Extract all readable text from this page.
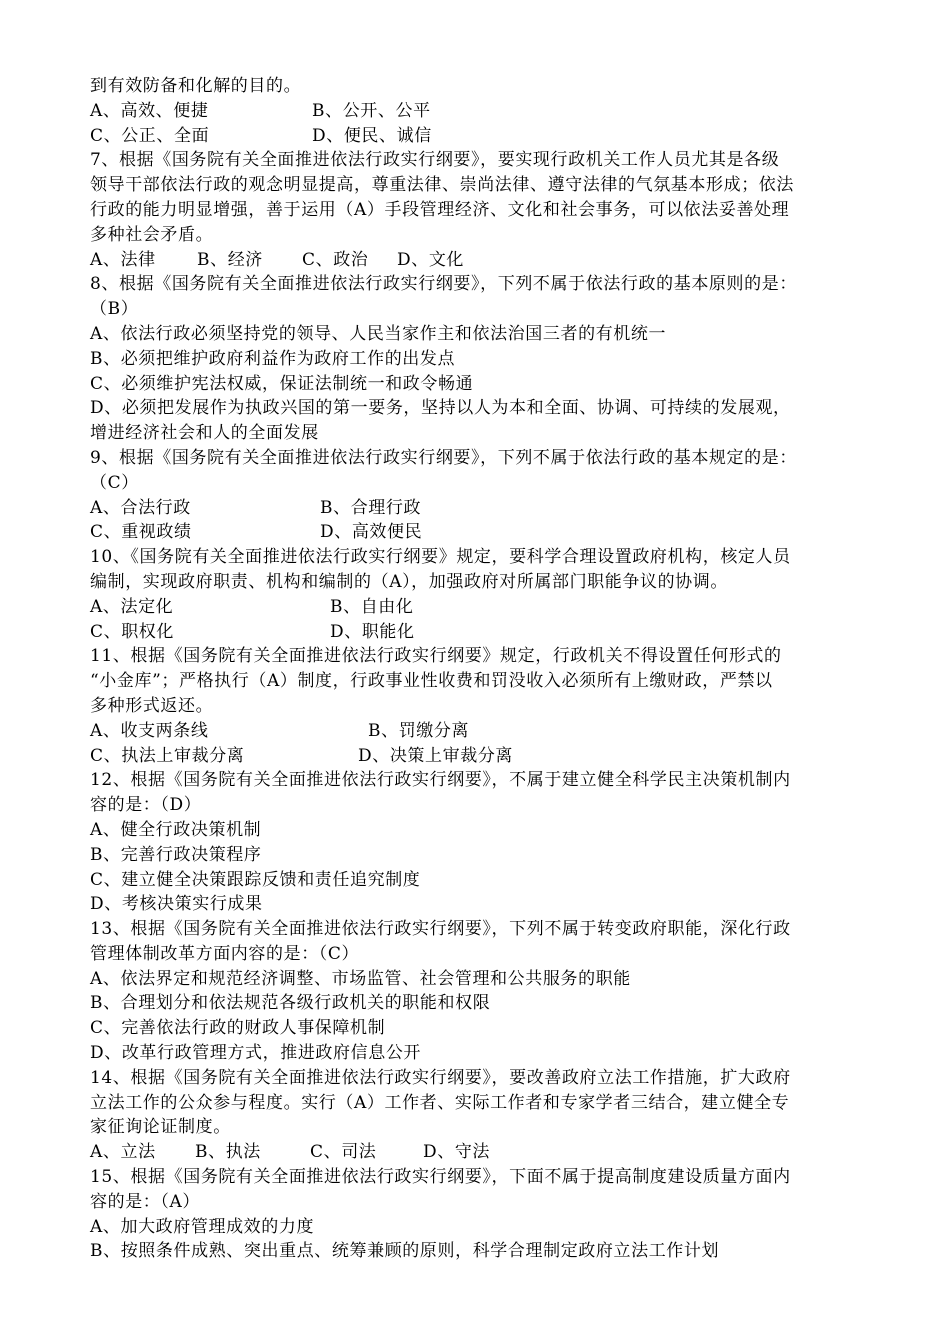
到有效防备和化解的目的。
A、高效、便捷	B、公开、公平
C、公正、全面	D、便民、诚信
7、根据《国务院有关全面推进依法行政实行纲要》，要实现行政机关工作人员尤其是各级
领导干部依法行政的观念明显提高，尊重法律、崇尚法律、遵守法律的气氛基本形成；依法
行政的能力明显增强，善于运用（A）手段管理经济、文化和社会事务，可以依法妥善处理
多种社会矛盾。
A、法律 B、经济 C、政治 D、文化
8、根据《国务院有关全面推进依法行政实行纲要》，下列不属于依法行政的基本原则的是：
（B）
A、依法行政必须坚持党的领导、人民当家作主和依法治国三者的有机统一
B、必须把维护政府利益作为政府工作的出发点
C、必须维护宪法权威，保证法制统一和政令畅通
D、必须把发展作为执政兴国的第一要务，坚持以人为本和全面、协调、可持续的发展观，
增进经济社会和人的全面发展
9、根据《国务院有关全面推进依法行政实行纲要》，下列不属于依法行政的基本规定的是：
（C）
A、合法行政	B、合理行政
C、重视政绩	D、高效便民
10、《国务院有关全面推进依法行政实行纲要》规定，要科学合理设置政府机构，核定人员
编制，实现政府职责、机构和编制的（A），加强政府对所属部门职能争议的协调。
A、法定化	B、自由化
C、职权化	D、职能化
11、根据《国务院有关全面推进依法行政实行纲要》规定，行政机关不得设置任何形式的
“小金库”；严格执行（A）制度，行政事业性收费和罚没收入必须所有上缴财政，严禁以
多种形式返还。
A、收支两条线	B、罚缴分离
C、执法上审裁分离	D、决策上审裁分离
12、根据《国务院有关全面推进依法行政实行纲要》，不属于建立健全科学民主决策机制内
容的是：（D）
A、健全行政决策机制
B、完善行政决策程序
C、建立健全决策跟踪反馈和责任追究制度
D、考核决策实行成果
13、根据《国务院有关全面推进依法行政实行纲要》，下列不属于转变政府职能，深化行政
管理体制改革方面内容的是：（C）
A、依法界定和规范经济调整、市场监管、社会管理和公共服务的职能
B、合理划分和依法规范各级行政机关的职能和权限
C、完善依法行政的财政人事保障机制
D、改革行政管理方式，推进政府信息公开
14、根据《国务院有关全面推进依法行政实行纲要》，要改善政府立法工作措施，扩大政府
立法工作的公众参与程度。实行（A）工作者、实际工作者和专家学者三结合，建立健全专
家征询论证制度。
A、立法 B、执法	C、司法	D、守法
15、根据《国务院有关全面推进依法行政实行纲要》，下面不属于提高制度建设质量方面内
容的是：（A）
A、加大政府管理成效的力度
B、按照条件成熟、突出重点、统筹兼顾的原则，科学合理制定政府立法工作计划
